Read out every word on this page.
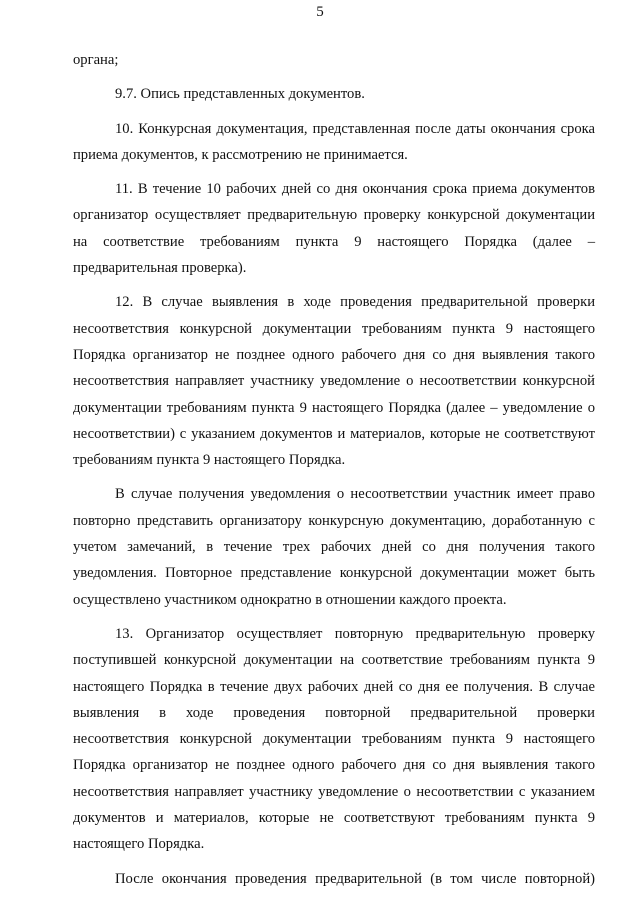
5

органа;

9.7. Опись представленных документов.

10. Конкурсная документация, представленная после даты окончания срока приема документов, к рассмотрению не принимается.

11. В течение 10 рабочих дней со дня окончания срока приема документов организатор осуществляет предварительную проверку конкурсной документации на соответствие требованиям пункта 9 настоящего Порядка (далее – предварительная проверка).

12. В случае выявления в ходе проведения предварительной проверки несоответствия конкурсной документации требованиям пункта 9 настоящего Порядка организатор не позднее одного рабочего дня со дня выявления такого несоответствия направляет участнику уведомление о несоответствии конкурсной документации требованиям пункта 9 настоящего Порядка (далее – уведомление о несоответствии) с указанием документов и материалов, которые не соответствуют требованиям пункта 9 настоящего Порядка.

В случае получения уведомления о несоответствии участник имеет право повторно представить организатору конкурсную документацию, доработанную с учетом замечаний, в течение трех рабочих дней со дня получения такого уведомления. Повторное представление конкурсной документации может быть осуществлено участником однократно в отношении каждого проекта.

13. Организатор осуществляет повторную предварительную проверку поступившей конкурсной документации на соответствие требованиям пункта 9 настоящего Порядка в течение двух рабочих дней со дня ее получения. В случае выявления в ходе проведения повторной предварительной проверки несоответствия конкурсной документации требованиям пункта 9 настоящего Порядка организатор не позднее одного рабочего дня со дня выявления такого несоответствия направляет участнику уведомление о несоответствии с указанием документов и материалов, которые не соответствуют требованиям пункта 9 настоящего Порядка.

После окончания проведения предварительной (в том числе повторной)
